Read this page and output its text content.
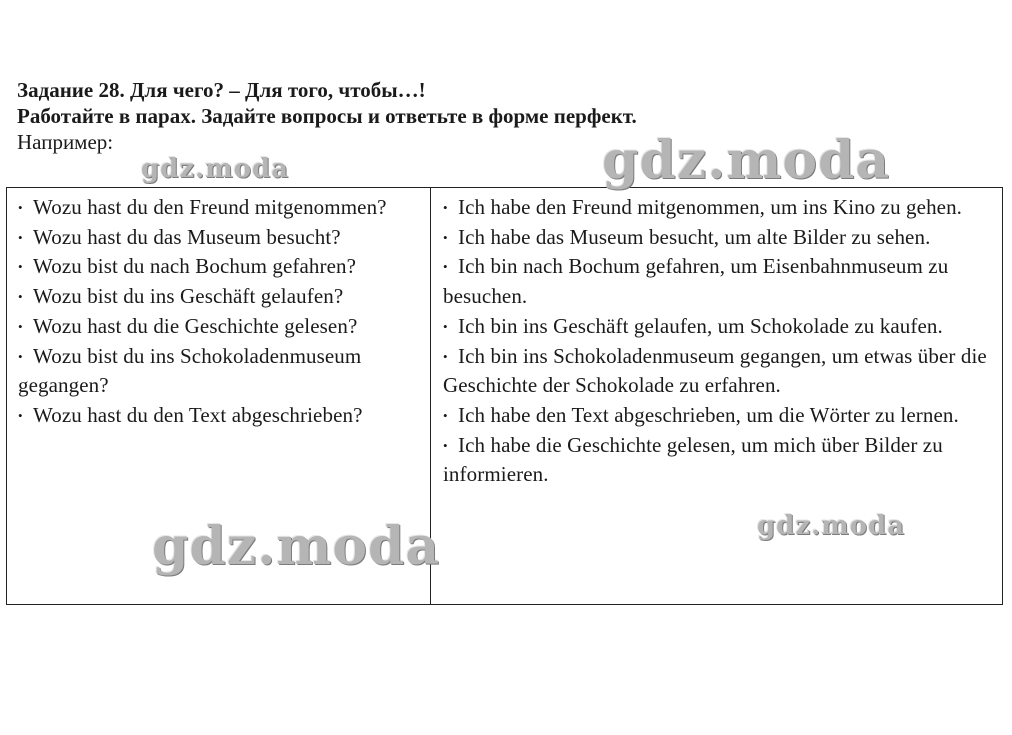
Задание 28. Для чего? – Для того, чтобы…!
Работайте в парах. Задайте вопросы и ответьте в форме перфект.
Например:
• Wozu hast du den Freund mitgenommen?
• Wozu hast du das Museum besucht?
• Wozu bist du nach Bochum gefahren?
• Wozu bist du ins Geschäft gelaufen?
• Wozu hast du die Geschichte gelesen?
• Wozu bist du ins Schokoladenmuseum gegangen?
• Wozu hast du den Text abgeschrieben?
• Ich habe den Freund mitgenommen, um ins Kino zu gehen.
• Ich habe das Museum besucht, um alte Bilder zu sehen.
• Ich bin nach Bochum gefahren, um Eisenbahnmuseum zu besuchen.
• Ich bin ins Geschäft gelaufen, um Schokolade zu kaufen.
• Ich bin ins Schokoladenmuseum gegangen, um etwas über die Geschichte der Schokolade zu erfahren.
• Ich habe den Text abgeschrieben, um die Wörter zu lernen.
• Ich habe die Geschichte gelesen, um mich über Bilder zu informieren.
gdz.moda	gdz.moda
gdz.moda	gdz.moda
